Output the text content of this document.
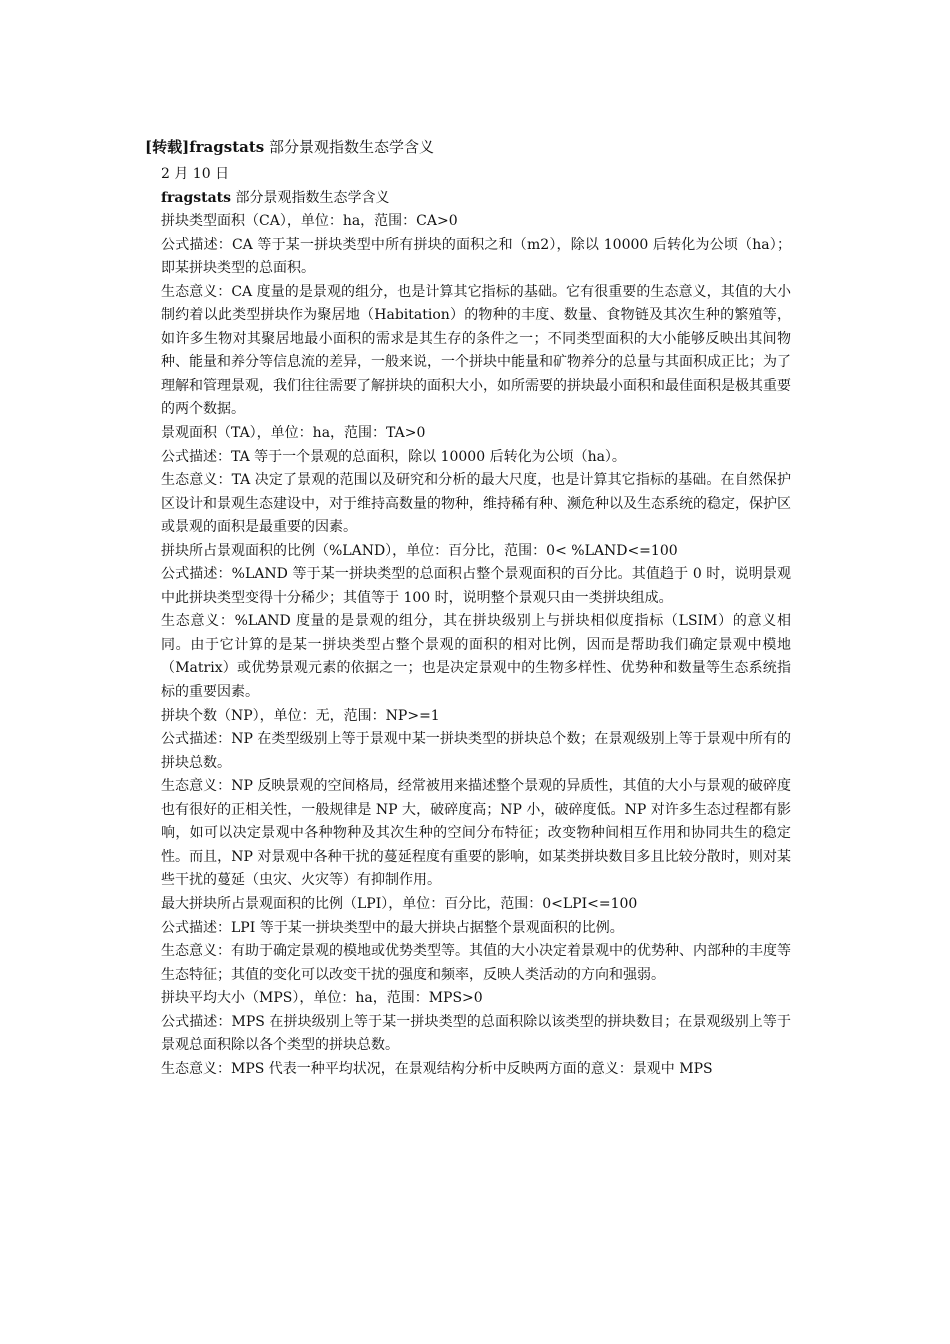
[转载]fragstats 部分景观指数生态学含义

2 月 10 日

fragstats 部分景观指数生态学含义

拼块类型面积（CA），单位：ha，范围：CA>0

公式描述：CA 等于某一拼块类型中所有拼块的面积之和（m2），除以 10000 后转化为公顷（ha）；即某拼块类型的总面积。

生态意义：CA 度量的是景观的组分，也是计算其它指标的基础。它有很重要的生态意义，其值的大小制约着以此类型拼块作为聚居地（Habitation）的物种的丰度、数量、食物链及其次生种的繁殖等，如许多生物对其聚居地最小面积的需求是其生存的条件之一；不同类型面积的大小能够反映出其间物种、能量和养分等信息流的差异，一般来说，一个拼块中能量和矿物养分的总量与其面积成正比；为了理解和管理景观，我们往往需要了解拼块的面积大小，如所需要的拼块最小面积和最佳面积是极其重要的两个数据。

景观面积（TA），单位：ha，范围：TA>0

公式描述：TA 等于一个景观的总面积，除以 10000 后转化为公顷（ha）。

生态意义：TA 决定了景观的范围以及研究和分析的最大尺度，也是计算其它指标的基础。在自然保护区设计和景观生态建设中，对于维持高数量的物种，维持稀有种、濒危种以及生态系统的稳定，保护区或景观的面积是最重要的因素。

拼块所占景观面积的比例（%LAND），单位：百分比，范围：0< %LAND<=100

公式描述：%LAND 等于某一拼块类型的总面积占整个景观面积的百分比。其值趋于 0 时，说明景观中此拼块类型变得十分稀少；其值等于 100 时，说明整个景观只由一类拼块组成。

生态意义：%LAND 度量的是景观的组分，其在拼块级别上与拼块相似度指标（LSIM）的意义相同。由于它计算的是某一拼块类型占整个景观的面积的相对比例，因而是帮助我们确定景观中模地（Matrix）或优势景观元素的依据之一；也是决定景观中的生物多样性、优势种和数量等生态系统指标的重要因素。

拼块个数（NP），单位：无，范围：NP>=1

公式描述：NP 在类型级别上等于景观中某一拼块类型的拼块总个数；在景观级别上等于景观中所有的拼块总数。

生态意义：NP 反映景观的空间格局，经常被用来描述整个景观的异质性，其值的大小与景观的破碎度也有很好的正相关性，一般规律是 NP 大，破碎度高；NP 小，破碎度低。NP 对许多生态过程都有影响，如可以决定景观中各种物种及其次生种的空间分布特征；改变物种间相互作用和协同共生的稳定性。而且，NP 对景观中各种干扰的蔓延程度有重要的影响，如某类拼块数目多且比较分散时，则对某些干扰的蔓延（虫灾、火灾等）有抑制作用。

最大拼块所占景观面积的比例（LPI），单位：百分比，范围：0<LPI<=100

公式描述：LPI 等于某一拼块类型中的最大拼块占据整个景观面积的比例。

生态意义：有助于确定景观的模地或优势类型等。其值的大小决定着景观中的优势种、内部种的丰度等生态特征；其值的变化可以改变干扰的强度和频率，反映人类活动的方向和强弱。

拼块平均大小（MPS），单位：ha，范围：MPS>0

公式描述：MPS 在拼块级别上等于某一拼块类型的总面积除以该类型的拼块数目；在景观级别上等于景观总面积除以各个类型的拼块总数。

生态意义：MPS 代表一种平均状况，在景观结构分析中反映两方面的意义：景观中 MPS
